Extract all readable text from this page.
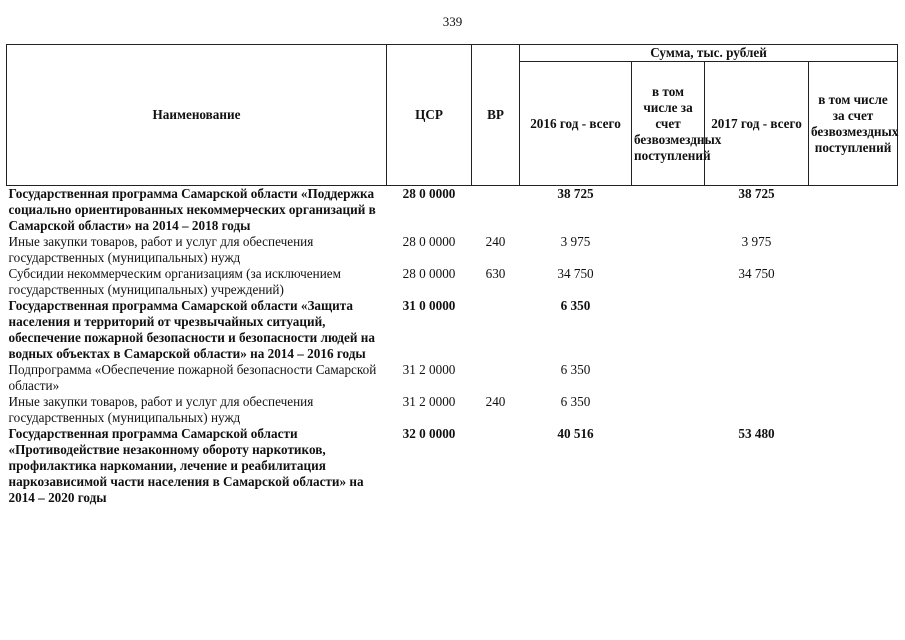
339
Наименование	ЦСР	ВР	Сумма, тыс. рублей			
			2016 год - всего	в том числе за счет безвозмездных поступлений	2017 год - всего	в том числе за счет безвозмездных поступлений
Государственная программа Самарской области «Поддержка социально ориентированных некоммерческих организаций в Самарской области» на 2014 – 2018 годы	28 0 0000		38 725		38 725	
Иные закупки товаров, работ и услуг для обеспечения государственных (муниципальных) нужд	28 0 0000	240	3 975		3 975	
Субсидии некоммерческим организациям (за исключением государственных (муниципальных) учреждений)	28 0 0000	630	34 750		34 750	
Государственная программа Самарской области «Защита населения и территорий от чрезвычайных ситуаций, обеспечение пожарной безопасности и безопасности людей на водных объектах в Самарской области» на 2014 – 2016 годы	31 0 0000		6 350			
Подпрограмма «Обеспечение пожарной безопасности Самарской области»	31 2 0000		6 350			
Иные закупки товаров, работ и услуг для обеспечения государственных (муниципальных) нужд	31 2 0000	240	6 350			
Государственная программа Самарской области «Противодействие незаконному обороту наркотиков, профилактика наркомании, лечение и реабилитация наркозависимой части населения в Самарской области» на 2014 – 2020 годы	32 0 0000		40 516		53 480	
